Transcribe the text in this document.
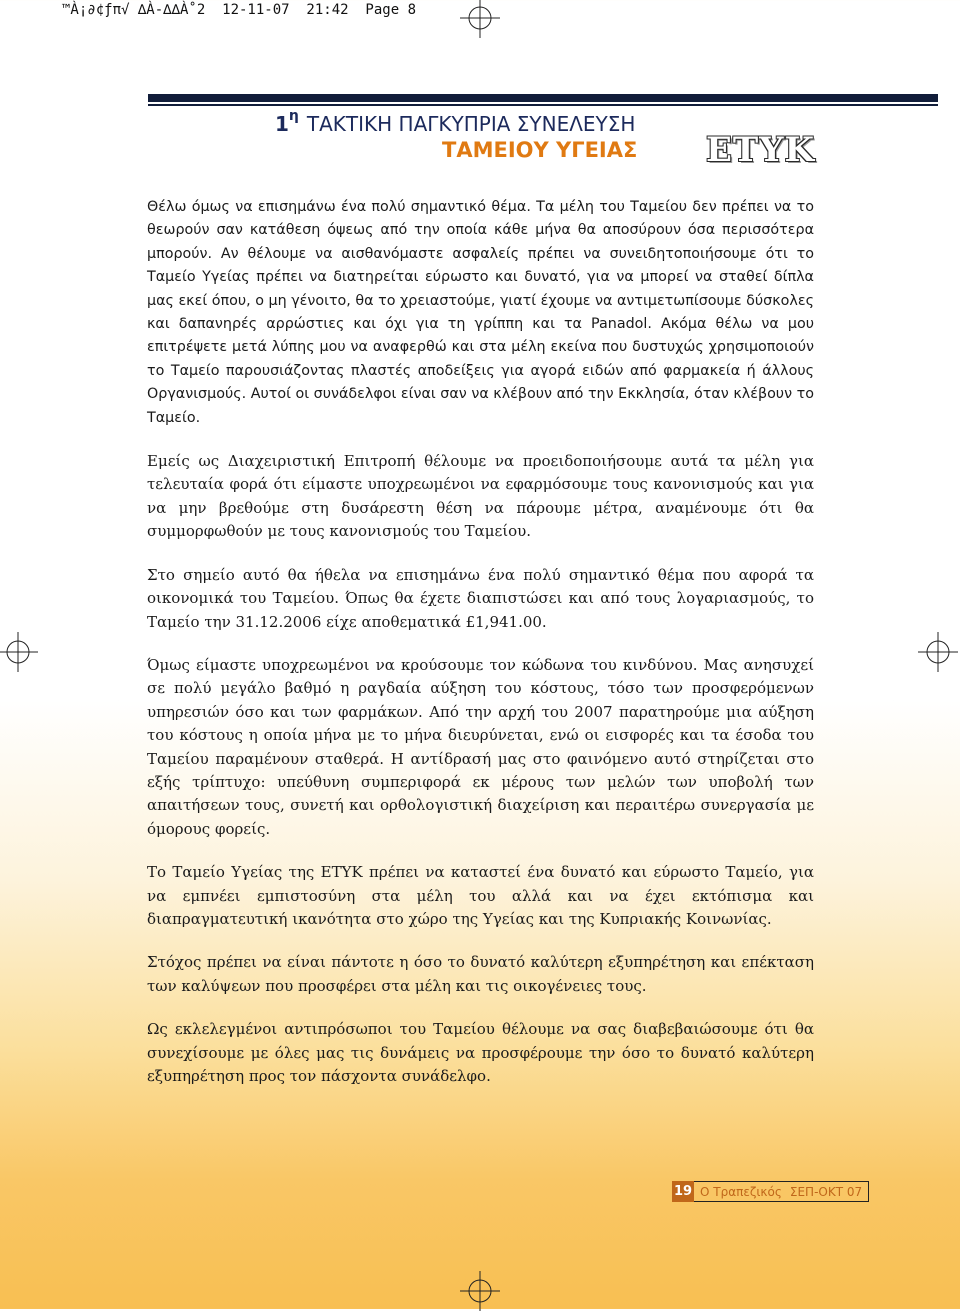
™À¡∂¢ƒπ√ ∆À-∆∆À˚2  12-11-07  21:42  Page 8
$1^\eta$ ΤΑΚΤΙΚΗ ΠΑΓΚΥΠΡΙΑ ΣΥΝΕΛΕΥΣΗ
ΤΑΜΕΙΟΥ ΥΓΕΙΑΣ ΕΤΥΚ

Θέλω όμως να επισημάνω ένα πολύ σημαντικό θέμα. Τα μέλη του Ταμείου δεν πρέπει να το θεωρούν σαν κατάθεση όψεως από την οποία κάθε μήνα θα αποσύρουν όσα περισσότερα μπορούν. Αν θέλουμε να αισθανόμαστε ασφαλείς πρέπει να συνειδητοποιήσουμε ότι το Ταμείο Υγείας πρέπει να διατηρείται εύρωστο και δυνατό, για να μπορεί να σταθεί δίπλα μας εκεί όπου, ο μη γένοιτο, θα το χρειαστούμε, γιατί έχουμε να αντιμετωπίσουμε δύσκολες και δαπανηρές αρρώστιες και όχι για τη γρίππη και τα Panadol. Ακόμα θέλω να μου επιτρέψετε μετά λύπης μου να αναφερθώ και στα μέλη εκείνα που δυστυχώς χρησιμοποιούν το Ταμείο παρουσιάζοντας πλαστές αποδείξεις για αγορά ειδών από φαρμακεία ή άλλους Οργανισμούς. Αυτοί οι συνάδελφοι είναι σαν να κλέβουν από την Εκκλησία, όταν κλέβουν το Ταμείο.

Εμείς ως Διαχειριστική Επιτροπή θέλουμε να προειδοποιήσουμε αυτά τα μέλη για τελευταία φορά ότι είμαστε υποχρεωμένοι να εφαρμόσουμε τους κανονισμούς και για να μην βρεθούμε στη δυσάρεστη θέση να πάρουμε μέτρα, αναμένουμε ότι θα συμμορφωθούν με τους κανονισμούς του Ταμείου.

Στο σημείο αυτό θα ήθελα να επισημάνω ένα πολύ σημαντικό θέμα που αφορά τα οικονομικά του Ταμείου. Όπως θα έχετε διαπιστώσει και από τους λογαριασμούς, το Ταμείο την 31.12.2006 είχε αποθεματικά £1,941.00.

Όμως είμαστε υποχρεωμένοι να κρούσουμε τον κώδωνα του κινδύνου. Μας ανησυχεί σε πολύ μεγάλο βαθμό η ραγδαία αύξηση του κόστους, τόσο των προσφερόμενων υπηρεσιών όσο και των φαρμάκων. Από την αρχή του 2007 παρατηρούμε μια αύξηση του κόστους η οποία μήνα με το μήνα διευρύνεται, ενώ οι εισφορές και τα έσοδα του Ταμείου παραμένουν σταθερά. Η αντίδρασή μας στο φαινόμενο αυτό στηρίζεται στο εξής τρίπτυχο: υπεύθυνη συμπεριφορά εκ μέρους των μελών των υποβολή των απαιτήσεων τους, συνετή και ορθολογιστική διαχείριση και περαιτέρω συνεργασία με όμορους φορείς.

Το Ταμείο Υγείας της ΕΤΥΚ πρέπει να καταστεί ένα δυνατό και εύρωστο Ταμείο, για να εμπνέει εμπιστοσύνη στα μέλη του αλλά και να έχει εκτόπισμα και διαπραγματευτική ικανότητα στο χώρο της Υγείας και της Κυπριακής Κοινωνίας.

Στόχος πρέπει να είναι πάντοτε η όσο το δυνατό καλύτερη εξυπηρέτηση και επέκταση των καλύψεων που προσφέρει στα μέλη και τις οικογένειες τους.

Ως εκλελεγμένοι αντιπρόσωποι του Ταμείου θέλουμε να σας διαβεβαιώσουμε ότι θα συνεχίσουμε με όλες μας τις δυνάμεις να προσφέρουμε την όσο το δυνατό καλύτερη εξυπηρέτηση προς τον πάσχοντα συνάδελφο.

19 Ο Τραπεζικός ΣΕΠ-ΟΚΤ 07
